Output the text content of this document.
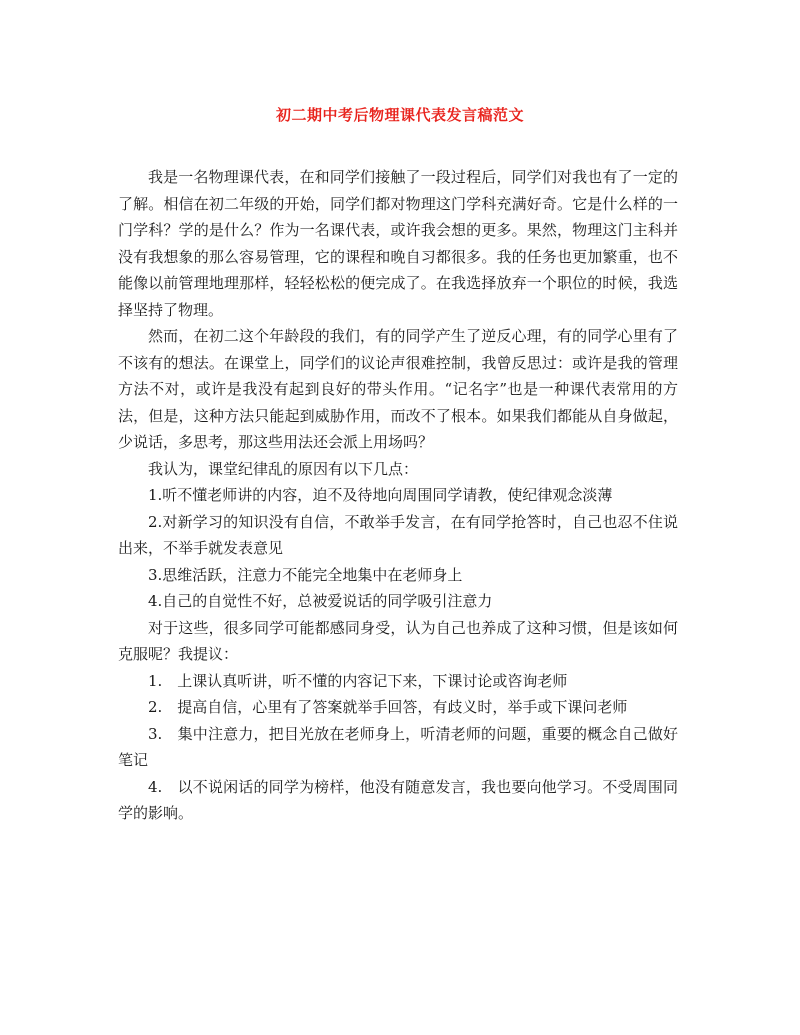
初二期中考后物理课代表发言稿范文

我是一名物理课代表，在和同学们接触了一段过程后，同学们对我也有了一定的了解。相信在初二年级的开始，同学们都对物理这门学科充满好奇。它是什么样的一门学科？学的是什么？作为一名课代表，或许我会想的更多。果然，物理这门主科并没有我想象的那么容易管理，它的课程和晚自习都很多。我的任务也更加繁重，也不能像以前管理地理那样，轻轻松松的便完成了。在我选择放弃一个职位的时候，我选择坚持了物理。

然而，在初二这个年龄段的我们，有的同学产生了逆反心理，有的同学心里有了不该有的想法。在课堂上，同学们的议论声很难控制，我曾反思过：或许是我的管理方法不对，或许是我没有起到良好的带头作用。“记名字”也是一种课代表常用的方法，但是，这种方法只能起到威胁作用，而改不了根本。如果我们都能从自身做起，少说话，多思考，那这些用法还会派上用场吗？

我认为，课堂纪律乱的原因有以下几点：

1.听不懂老师讲的内容，迫不及待地向周围同学请教，使纪律观念淡薄

2.对新学习的知识没有自信，不敢举手发言，在有同学抢答时，自己也忍不住说出来，不举手就发表意见

3.思维活跃，注意力不能完全地集中在老师身上

4.自己的自觉性不好，总被爱说话的同学吸引注意力

对于这些，很多同学可能都感同身受，认为自己也养成了这种习惯，但是该如何克服呢？我提议：

1.　上课认真听讲，听不懂的内容记下来，下课讨论或咨询老师

2.　提高自信，心里有了答案就举手回答，有歧义时，举手或下课问老师

3.　集中注意力，把目光放在老师身上，听清老师的问题，重要的概念自己做好笔记

4.　以不说闲话的同学为榜样，他没有随意发言，我也要向他学习。不受周围同学的影响。
